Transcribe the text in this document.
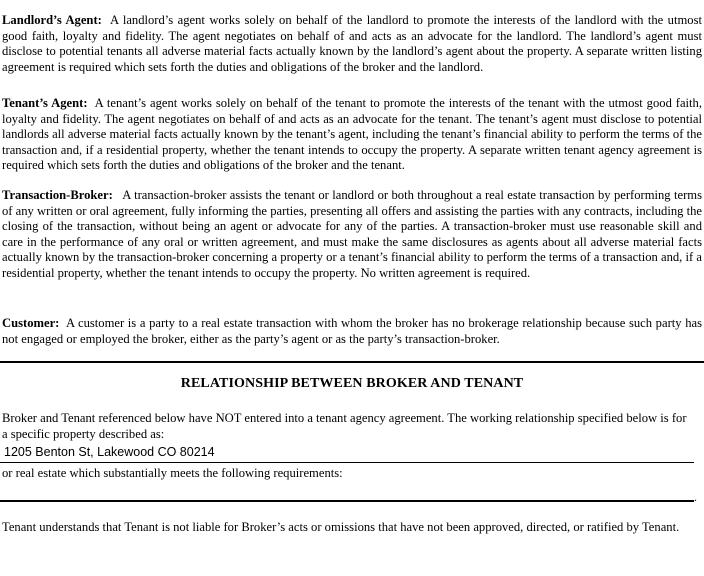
Landlord’s Agent: A landlord’s agent works solely on behalf of the landlord to promote the interests of the landlord with the utmost good faith, loyalty and fidelity. The agent negotiates on behalf of and acts as an advocate for the landlord. The landlord’s agent must disclose to potential tenants all adverse material facts actually known by the landlord’s agent about the property. A separate written listing agreement is required which sets forth the duties and obligations of the broker and the landlord.

Tenant’s Agent: A tenant’s agent works solely on behalf of the tenant to promote the interests of the tenant with the utmost good faith, loyalty and fidelity. The agent negotiates on behalf of and acts as an advocate for the tenant. The tenant’s agent must disclose to potential landlords all adverse material facts actually known by the tenant’s agent, including the tenant’s financial ability to perform the terms of the transaction and, if a residential property, whether the tenant intends to occupy the property. A separate written tenant agency agreement is required which sets forth the duties and obligations of the broker and the tenant.

Transaction-Broker: A transaction-broker assists the tenant or landlord or both throughout a real estate transaction by performing terms of any written or oral agreement, fully informing the parties, presenting all offers and assisting the parties with any contracts, including the closing of the transaction, without being an agent or advocate for any of the parties. A transaction-broker must use reasonable skill and care in the performance of any oral or written agreement, and must make the same disclosures as agents about all adverse material facts actually known by the transaction-broker concerning a property or a tenant’s financial ability to perform the terms of a transaction and, if a residential property, whether the tenant intends to occupy the property. No written agreement is required.

Customer: A customer is a party to a real estate transaction with whom the broker has no brokerage relationship because such party has not engaged or employed the broker, either as the party’s agent or as the party’s transaction-broker.

RELATIONSHIP BETWEEN BROKER AND TENANT

Broker and Tenant referenced below have NOT entered into a tenant agency agreement. The working relationship specified below is for a specific property described as:

1205 Benton St, Lakewood CO 80214

or real estate which substantially meets the following requirements:

.

Tenant understands that Tenant is not liable for Broker’s acts or omissions that have not been approved, directed, or ratified by Tenant.
